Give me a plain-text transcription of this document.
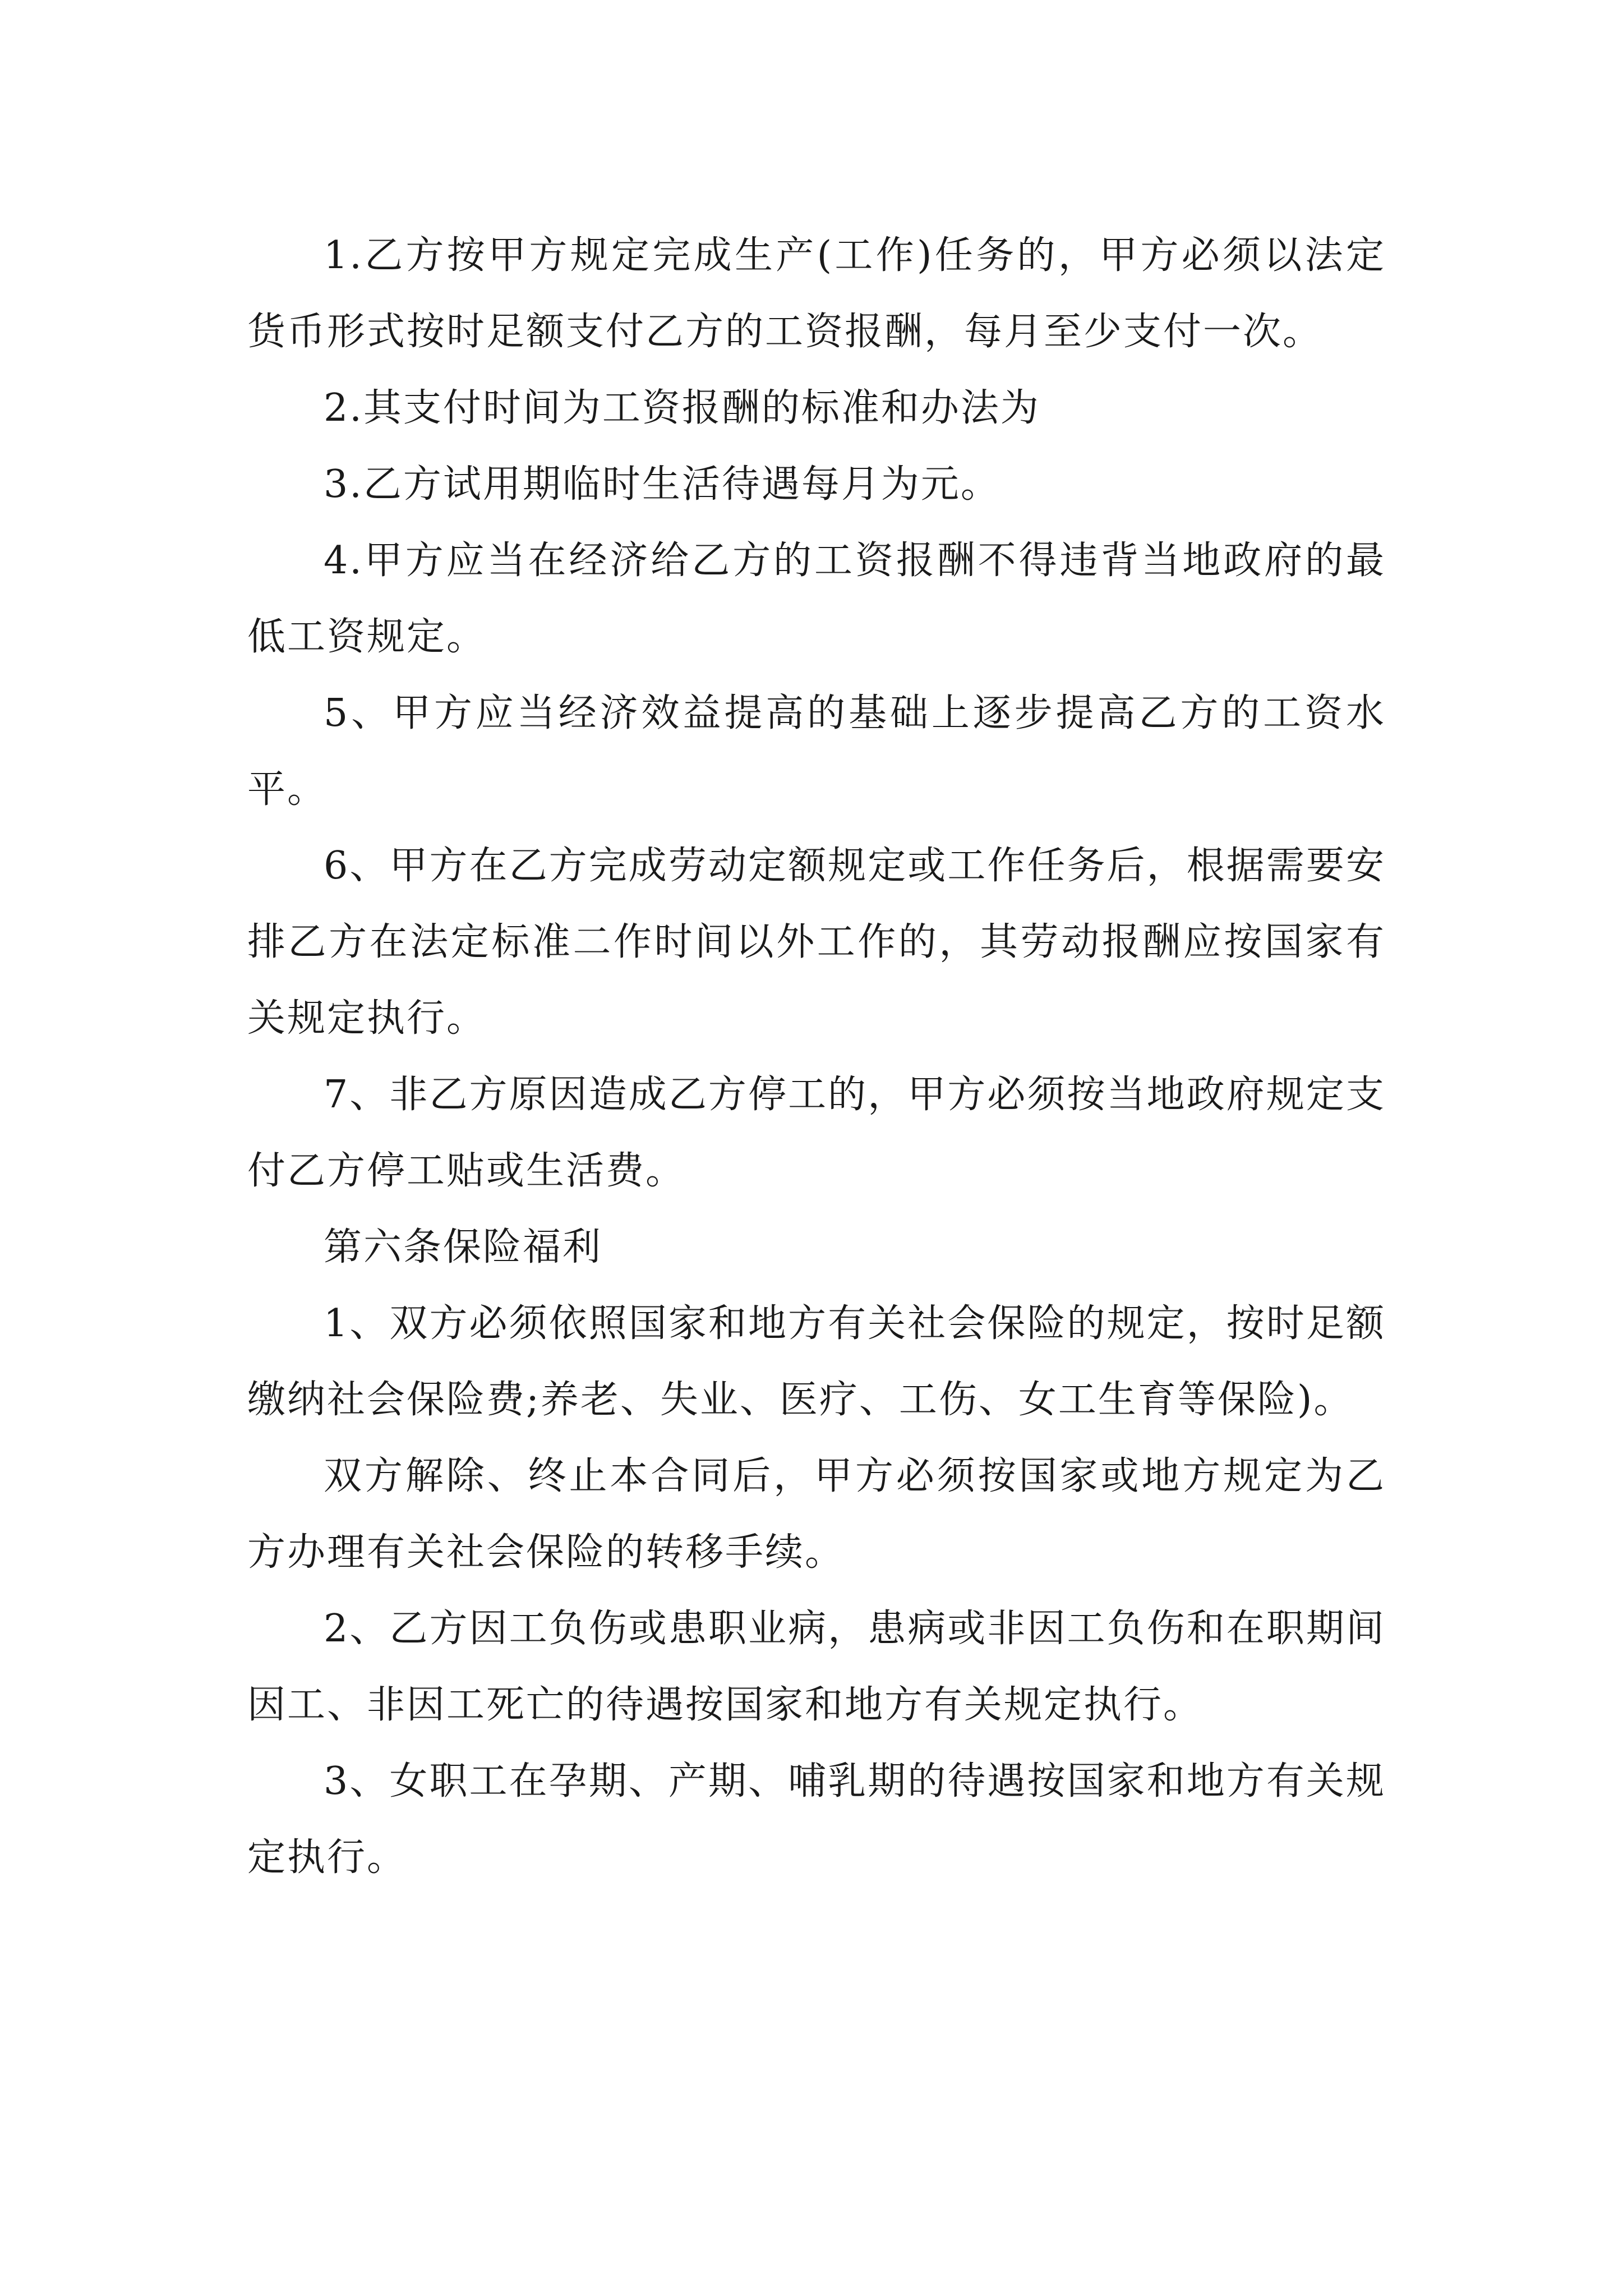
1.乙方按甲方规定完成生产(工作)任务的，甲方必须以法定货币形式按时足额支付乙方的工资报酬，每月至少支付一次。

2.其支付时间为工资报酬的标准和办法为

3.乙方试用期临时生活待遇每月为元。

4.甲方应当在经济给乙方的工资报酬不得违背当地政府的最低工资规定。

5、甲方应当经济效益提高的基础上逐步提高乙方的工资水平。

6、甲方在乙方完成劳动定额规定或工作任务后，根据需要安排乙方在法定标准二作时间以外工作的，其劳动报酬应按国家有关规定执行。

7、非乙方原因造成乙方停工的，甲方必须按当地政府规定支付乙方停工贴或生活费。

第六条保险福利

1、双方必须依照国家和地方有关社会保险的规定，按时足额缴纳社会保险费;养老、失业、医疗、工伤、女工生育等保险)。

双方解除、终止本合同后，甲方必须按国家或地方规定为乙方办理有关社会保险的转移手续。

2、乙方因工负伤或患职业病，患病或非因工负伤和在职期间因工、非因工死亡的待遇按国家和地方有关规定执行。

3、女职工在孕期、产期、哺乳期的待遇按国家和地方有关规定执行。
